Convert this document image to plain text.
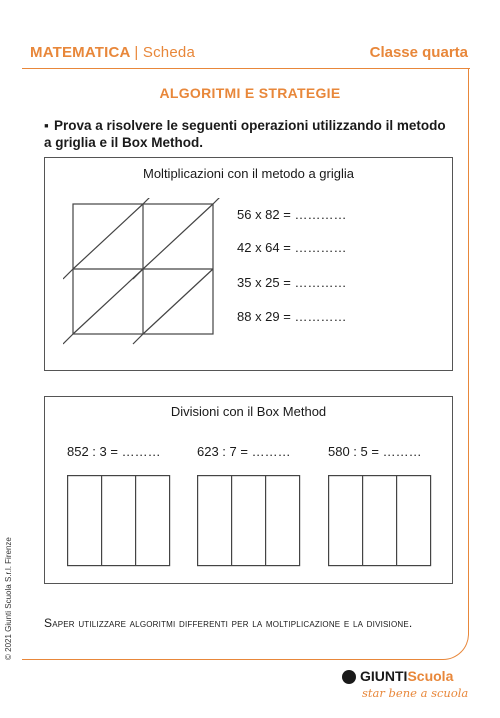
MATEMATICA | Scheda	Classe quarta
ALGORITMI E STRATEGIE
▪ Prova a risolvere le seguenti operazioni utilizzando il metodo a griglia e il Box Method.
Moltiplicazioni con il metodo a griglia
56 x 82 = …………
42 x 64 = …………
35 x 25 = …………
88 x 29 = …………
Divisioni con il Box Method
852 : 3 = ………	623 : 7 = ………	580 : 5 = ………
Saper utilizzare algoritmi differenti per la moltiplicazione e la divisione.
© 2021 Giunti Scuola S.r.l. Firenze
GIUNTIScuola
star bene a scuola
